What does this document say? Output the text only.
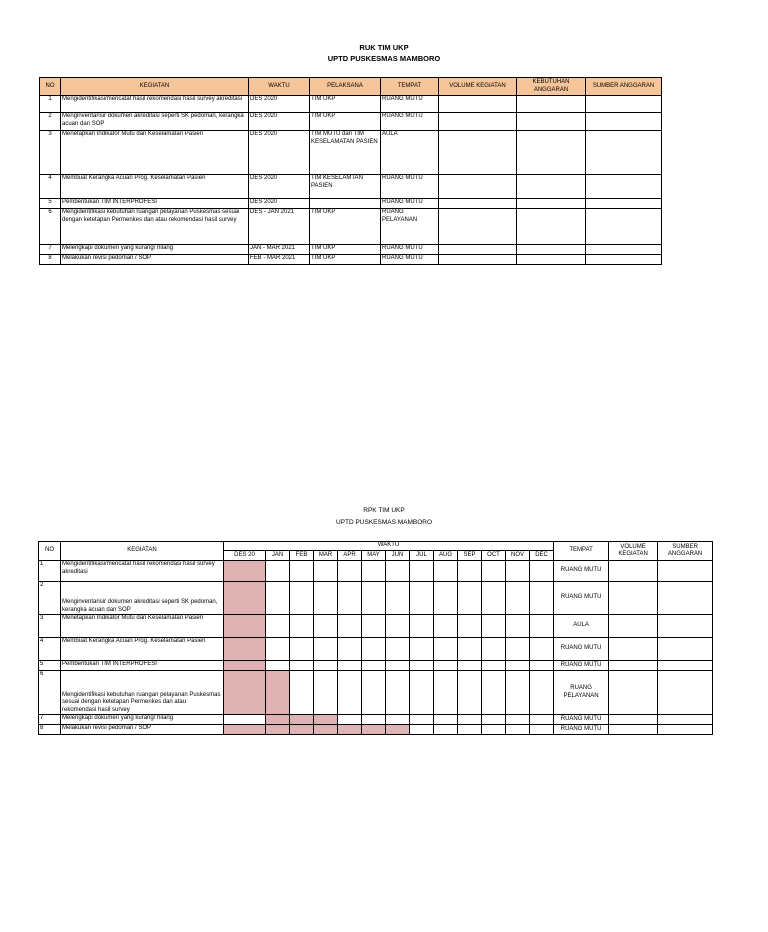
RUK TIM UKP
UPTD PUSKESMAS MAMBORO
NO	KEGIATAN	WAKTU	PELAKSANA	TEMPAT	VOLUME KEGIATAN	KEBUTUHAN ANGGARAN	SUMBER ANGGARAN
1	Mengidentifikasi/mencatat hasil rekomendasi hasil survey akreditasi	DES 2020	TIM UKP	RUANG MUTU			
2	Menginventarisir dokumen akreditasi seperti SK pedoman, kerangka acuan dan SOP	DES 2020	TIM UKP	RUANG MUTU			
3	Menetapkan Indikator Mutu dan Keselamatan Pasien	DES 2020	TIM MUTU dan TIM KESELAMATAN PASIEN	AULA			
4	Membuat Kerangka Acuan Prog. Keselamatan Pasien	DES 2020	TIM KESELAMTAN PASIEN	RUANG MUTU			
5	Pembentukan TIM INTERPROFESI	DES 2020		RUANG MUTU			
6	Mengidentifikasi kebutuhan ruangan pelayanan Puskesmas sesuai dengan ketetapan Permenkes dan atau rekomendasi hasil survey	DES - JAN 2021	TIM UKP	RUANG PELAYANAN			
7	Melengkapi dokumen yang kurang/ hilang	JAN - MAR 2021	TIM UKP	RUANG MUTU			
8	Melakukan revisi pedoman / SOP	FEB - MAR 2021	TIM UKP	RUANG MUTU			
RPK TIM UKP
UPTD PUSKESMAS MAMBORO
NO	KEGIATAN	WAKTU													TEMPAT	VOLUME KEGIATAN	SUMBER ANGGARAN
		DES 20	JAN	FEB	MAR	APR	MAY	JUN	JUL	AUG	SEP	OCT	NOV	DEC			
1	Mengidentifikasi/mencatat hasil rekomendasi hasil survey akreditasi														RUANG MUTU		
2	Menginventarisir dokumen akreditasi seperti SK pedoman, kerangka acuan dan SOP														RUANG MUTU		
3	Menetapkan Indikator Mutu dan Keselamatan Pasien														AULA		
4	Membuat Kerangka Acuan Prog. Keselamatan Pasien														RUANG MUTU		
5	Pembentukan TIM INTERPROFESI														RUANG MUTU		
6	Mengidentifikasi kebutuhan ruangan pelayanan Puskesmas sesuai dengan ketetapan Permenkes dan atau rekomendasi hasil survey														RUANG PELAYANAN		
7	Melengkapi dokumen yang kurang/ hilang														RUANG MUTU		
8	Melakukan revisi pedoman / SOP														RUANG MUTU		
